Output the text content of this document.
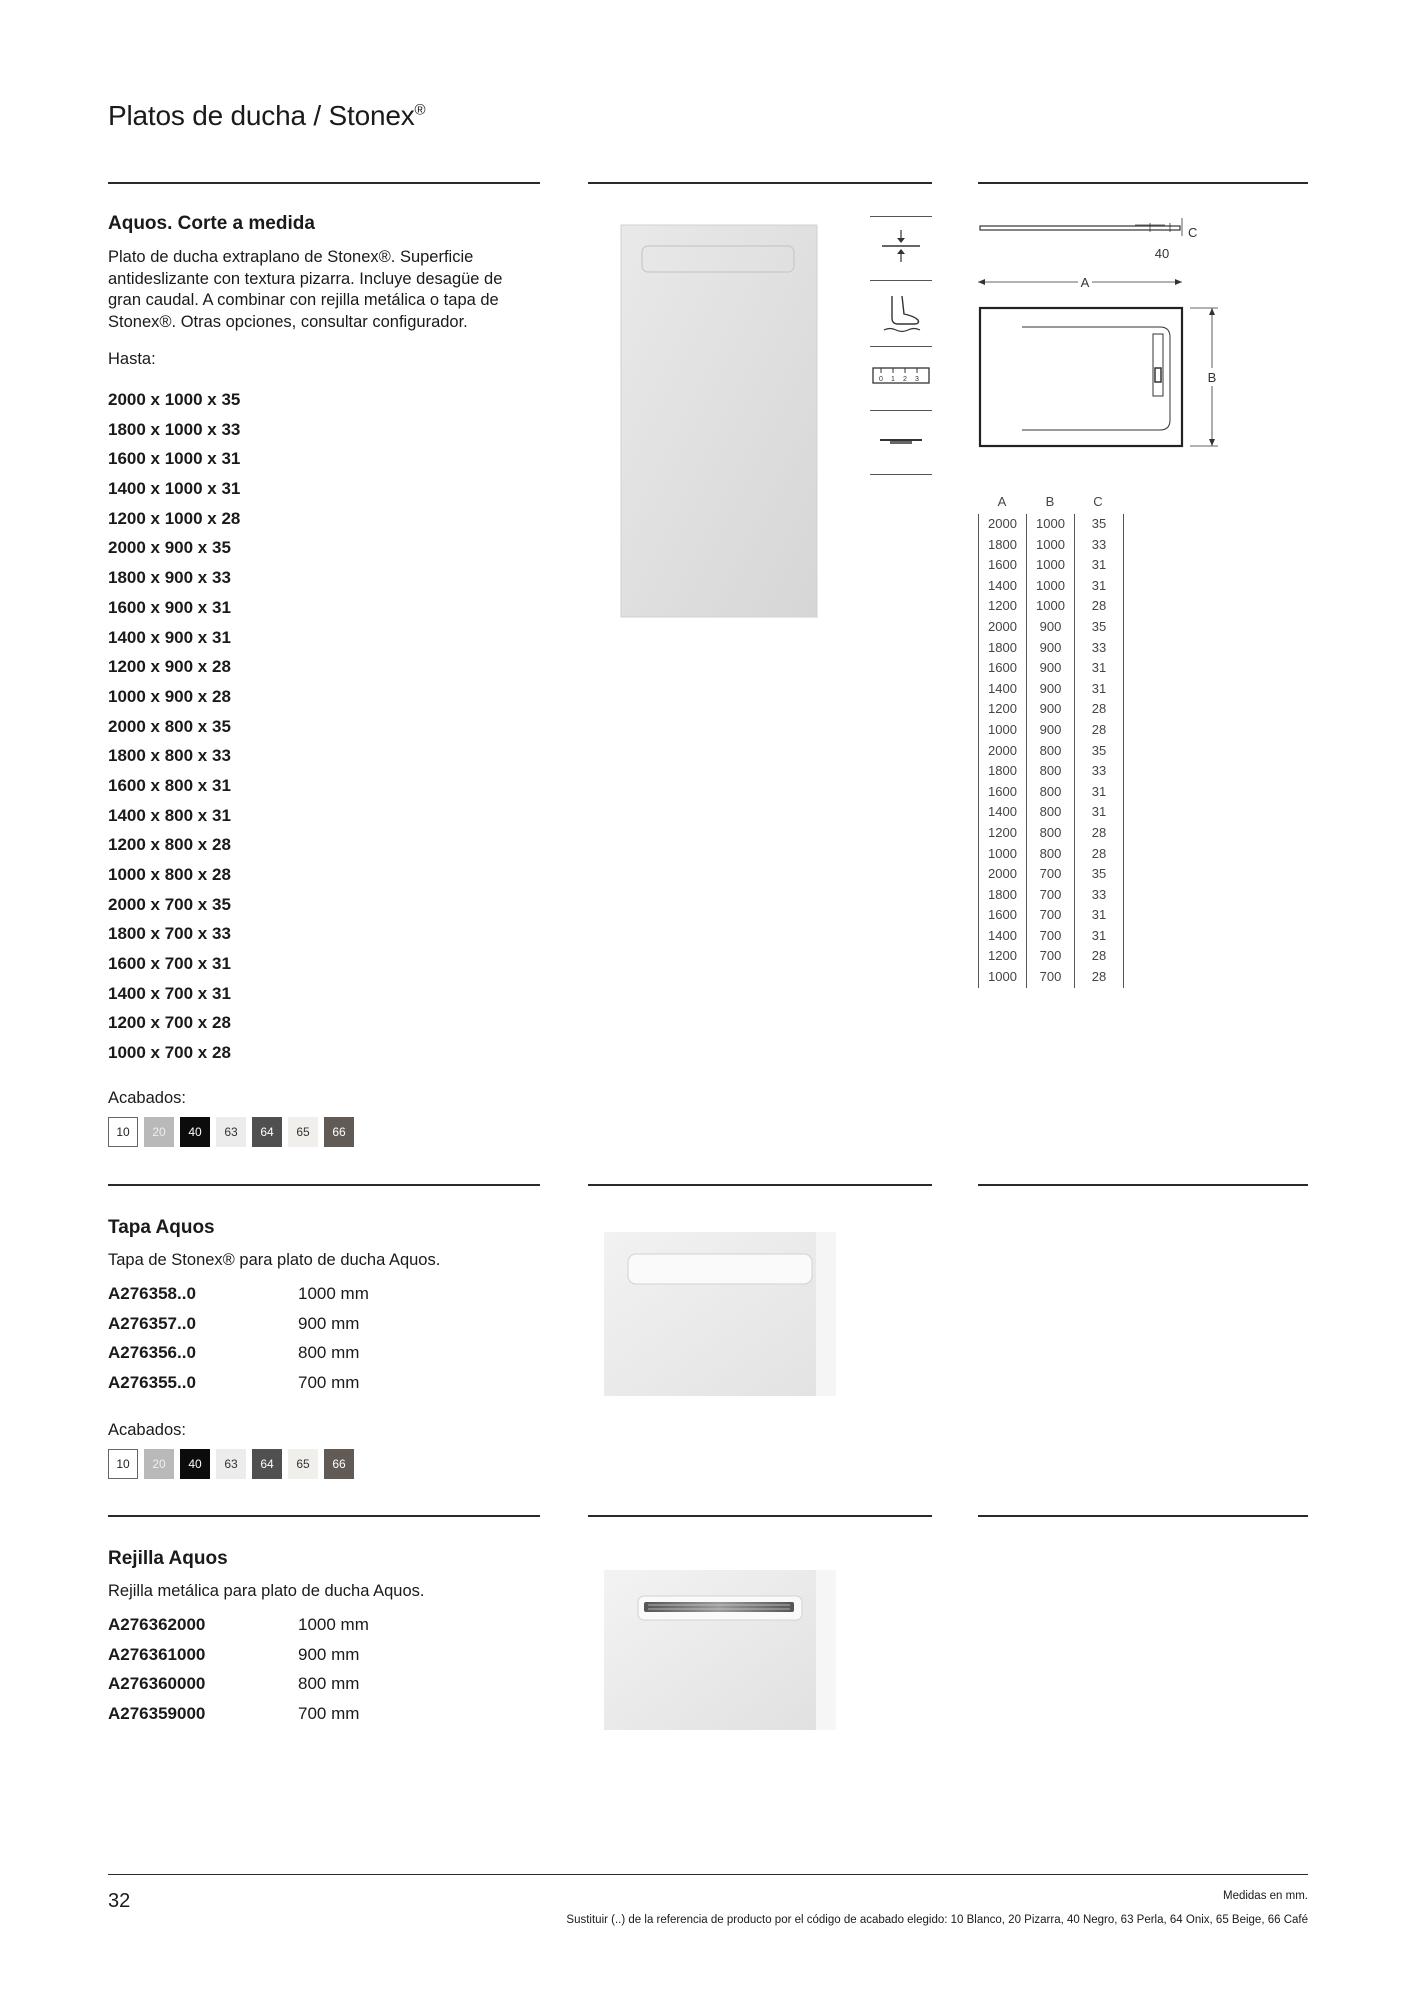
Platos de ducha / Stonex®
Aquos. Corte a medida
Plato de ducha extraplano de Stonex®. Superficie antideslizante con textura pizarra. Incluye desagüe de gran caudal. A combinar con rejilla metálica o tapa de Stonex®. Otras opciones, consultar configurador.
Hasta:
2000 x 1000 x 35
1800 x 1000 x 33
1600 x 1000 x 31
1400 x 1000 x 31
1200 x 1000 x 28
2000 x 900 x 35
1800 x 900 x 33
1600 x 900 x 31
1400 x 900 x 31
1200 x 900 x 28
1000 x 900 x 28
2000 x 800 x 35
1800 x 800 x 33
1600 x 800 x 31
1400 x 800 x 31
1200 x 800 x 28
1000 x 800 x 28
2000 x 700 x 35
1800 x 700 x 33
1600 x 700 x 31
1400 x 700 x 31
1200 x 700 x 28
1000 x 700 x 28
Acabados:
10	20	40	63	64	65	66
0 1 2 3
40
C
A
B
A	B	C
2000	1000	35
1800	1000	33
1600	1000	31
1400	1000	31
1200	1000	28
2000	900	35
1800	900	33
1600	900	31
1400	900	31
1200	900	28
1000	900	28
2000	800	35
1800	800	33
1600	800	31
1400	800	31
1200	800	28
1000	800	28
2000	700	35
1800	700	33
1600	700	31
1400	700	31
1200	700	28
1000	700	28
Tapa Aquos
Tapa de Stonex® para plato de ducha Aquos.
A276358..0	1000 mm
A276357..0	900 mm
A276356..0	800 mm
A276355..0	700 mm
Acabados:
10	20	40	63	64	65	66
Rejilla Aquos
Rejilla metálica para plato de ducha Aquos.
A276362000	1000 mm
A276361000	900 mm
A276360000	800 mm
A276359000	700 mm
32	Medidas en mm.
Sustituir (..) de la referencia de producto por el código de acabado elegido: 10 Blanco, 20 Pizarra, 40 Negro, 63 Perla, 64 Onix, 65 Beige, 66 Café
